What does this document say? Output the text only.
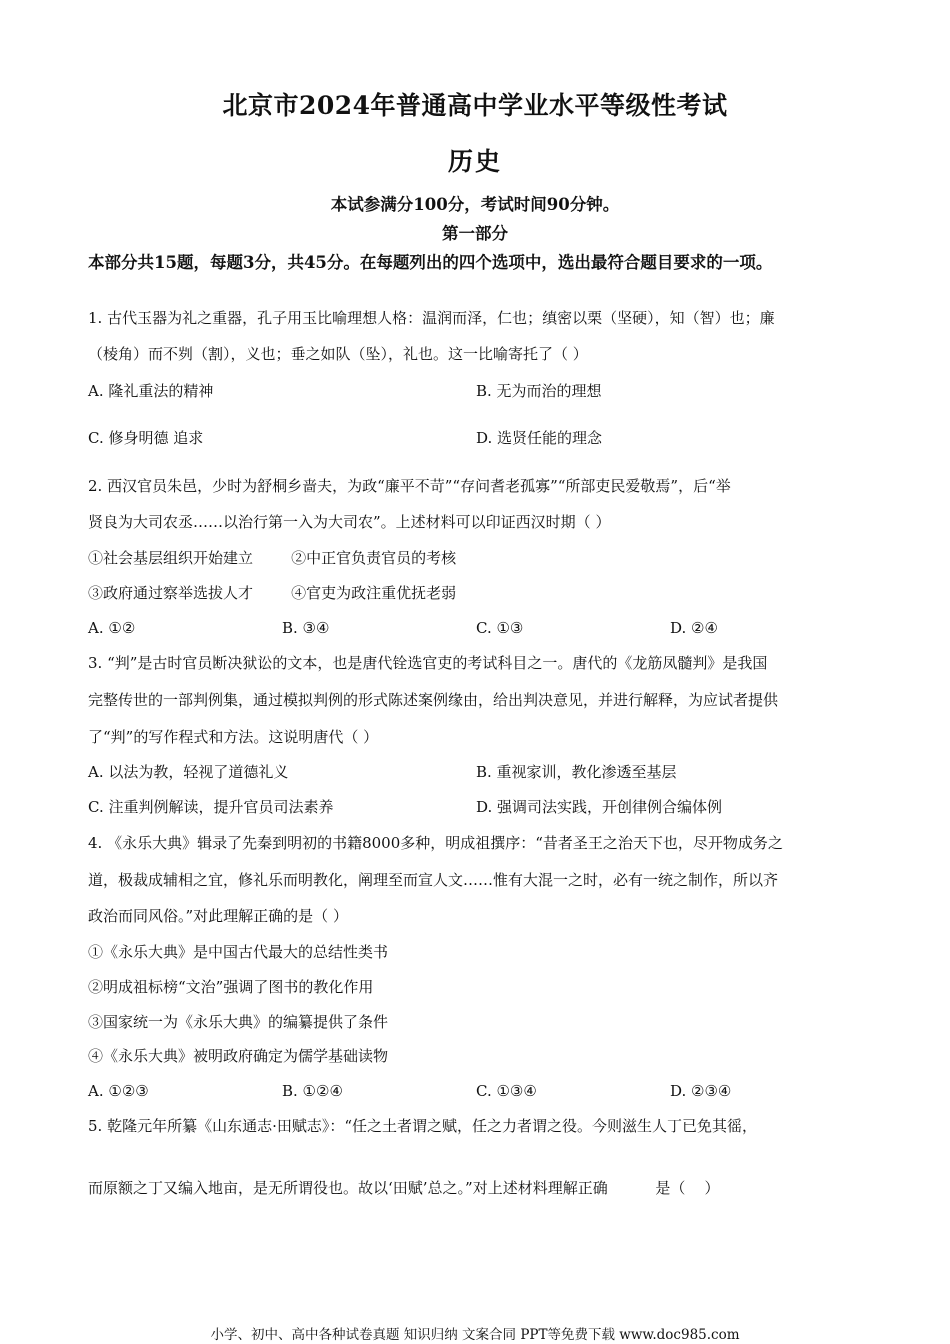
北京市2024年普通高中学业水平等级性考试
历史
本试参满分100分，考试时间90分钟。
第一部分
本部分共15题，每题3分，共45分。在每题列出的四个选项中，选出最符合题目要求的一项。
1. 古代玉器为礼之重器，孔子用玉比喻理想人格：温润而泽，仁也；缜密以栗（坚硬），知（智）也；廉
（棱角）而不刿（割），义也；垂之如队（坠），礼也。这一比喻寄托了（ ）
A. 隆礼重法的精神	B. 无为而治的理想
C. 修身明德 追求	D. 选贤任能的理念
2. 西汉官员朱邑，少时为舒桐乡啬夫，为政“廉平不苛”“存问耆老孤寡”“所部吏民爱敬焉”，后“举
贤良为大司农丞……以治行第一入为大司农”。上述材料可以印证西汉时期（ ）
①社会基层组织开始建立        ②中正官负责官员的考核
③政府通过察举选拔人才        ④官吏为政注重优抚老弱
A. ①②	B. ③④	C. ①③	D. ②④
3. “判”是古时官员断决狱讼的文本，也是唐代铨选官吏的考试科目之一。唐代的《龙筋凤髓判》是我国
完整传世的一部判例集，通过模拟判例的形式陈述案例缘由，给出判决意见，并进行解释，为应试者提供
了“判”的写作程式和方法。这说明唐代（ ）
A. 以法为教，轻视了道德礼义	B. 重视家训，教化渗透至基层
C. 注重判例解读，提升官员司法素养	D. 强调司法实践，开创律例合编体例
4. 《永乐大典》辑录了先秦到明初的书籍8000多种，明成祖撰序：“昔者圣王之治天下也，尽开物成务之
道，极裁成辅相之宜，修礼乐而明教化，阐理至而宣人文……惟有大混一之时，必有一统之制作，所以齐
政治而同风俗。”对此理解正确的是（ ）
①《永乐大典》是中国古代最大的总结性类书
②明成祖标榜“文治”强调了图书的教化作用
③国家统一为《永乐大典》的编纂提供了条件
④《永乐大典》被明政府确定为儒学基础读物
A. ①②③	B. ①②④	C. ①③④	D. ②③④
5. 乾隆元年所纂《山东通志·田赋志》：“任之土者谓之赋，任之力者谓之役。今则滋生人丁已免其徭，
而原额之丁又编入地亩，是无所谓役也。故以‘田赋’总之。”对上述材料理解正确          是（    ）
小学、初中、高中各种试卷真题 知识归纳 文案合同 PPT等免费下载 www.doc985.com
